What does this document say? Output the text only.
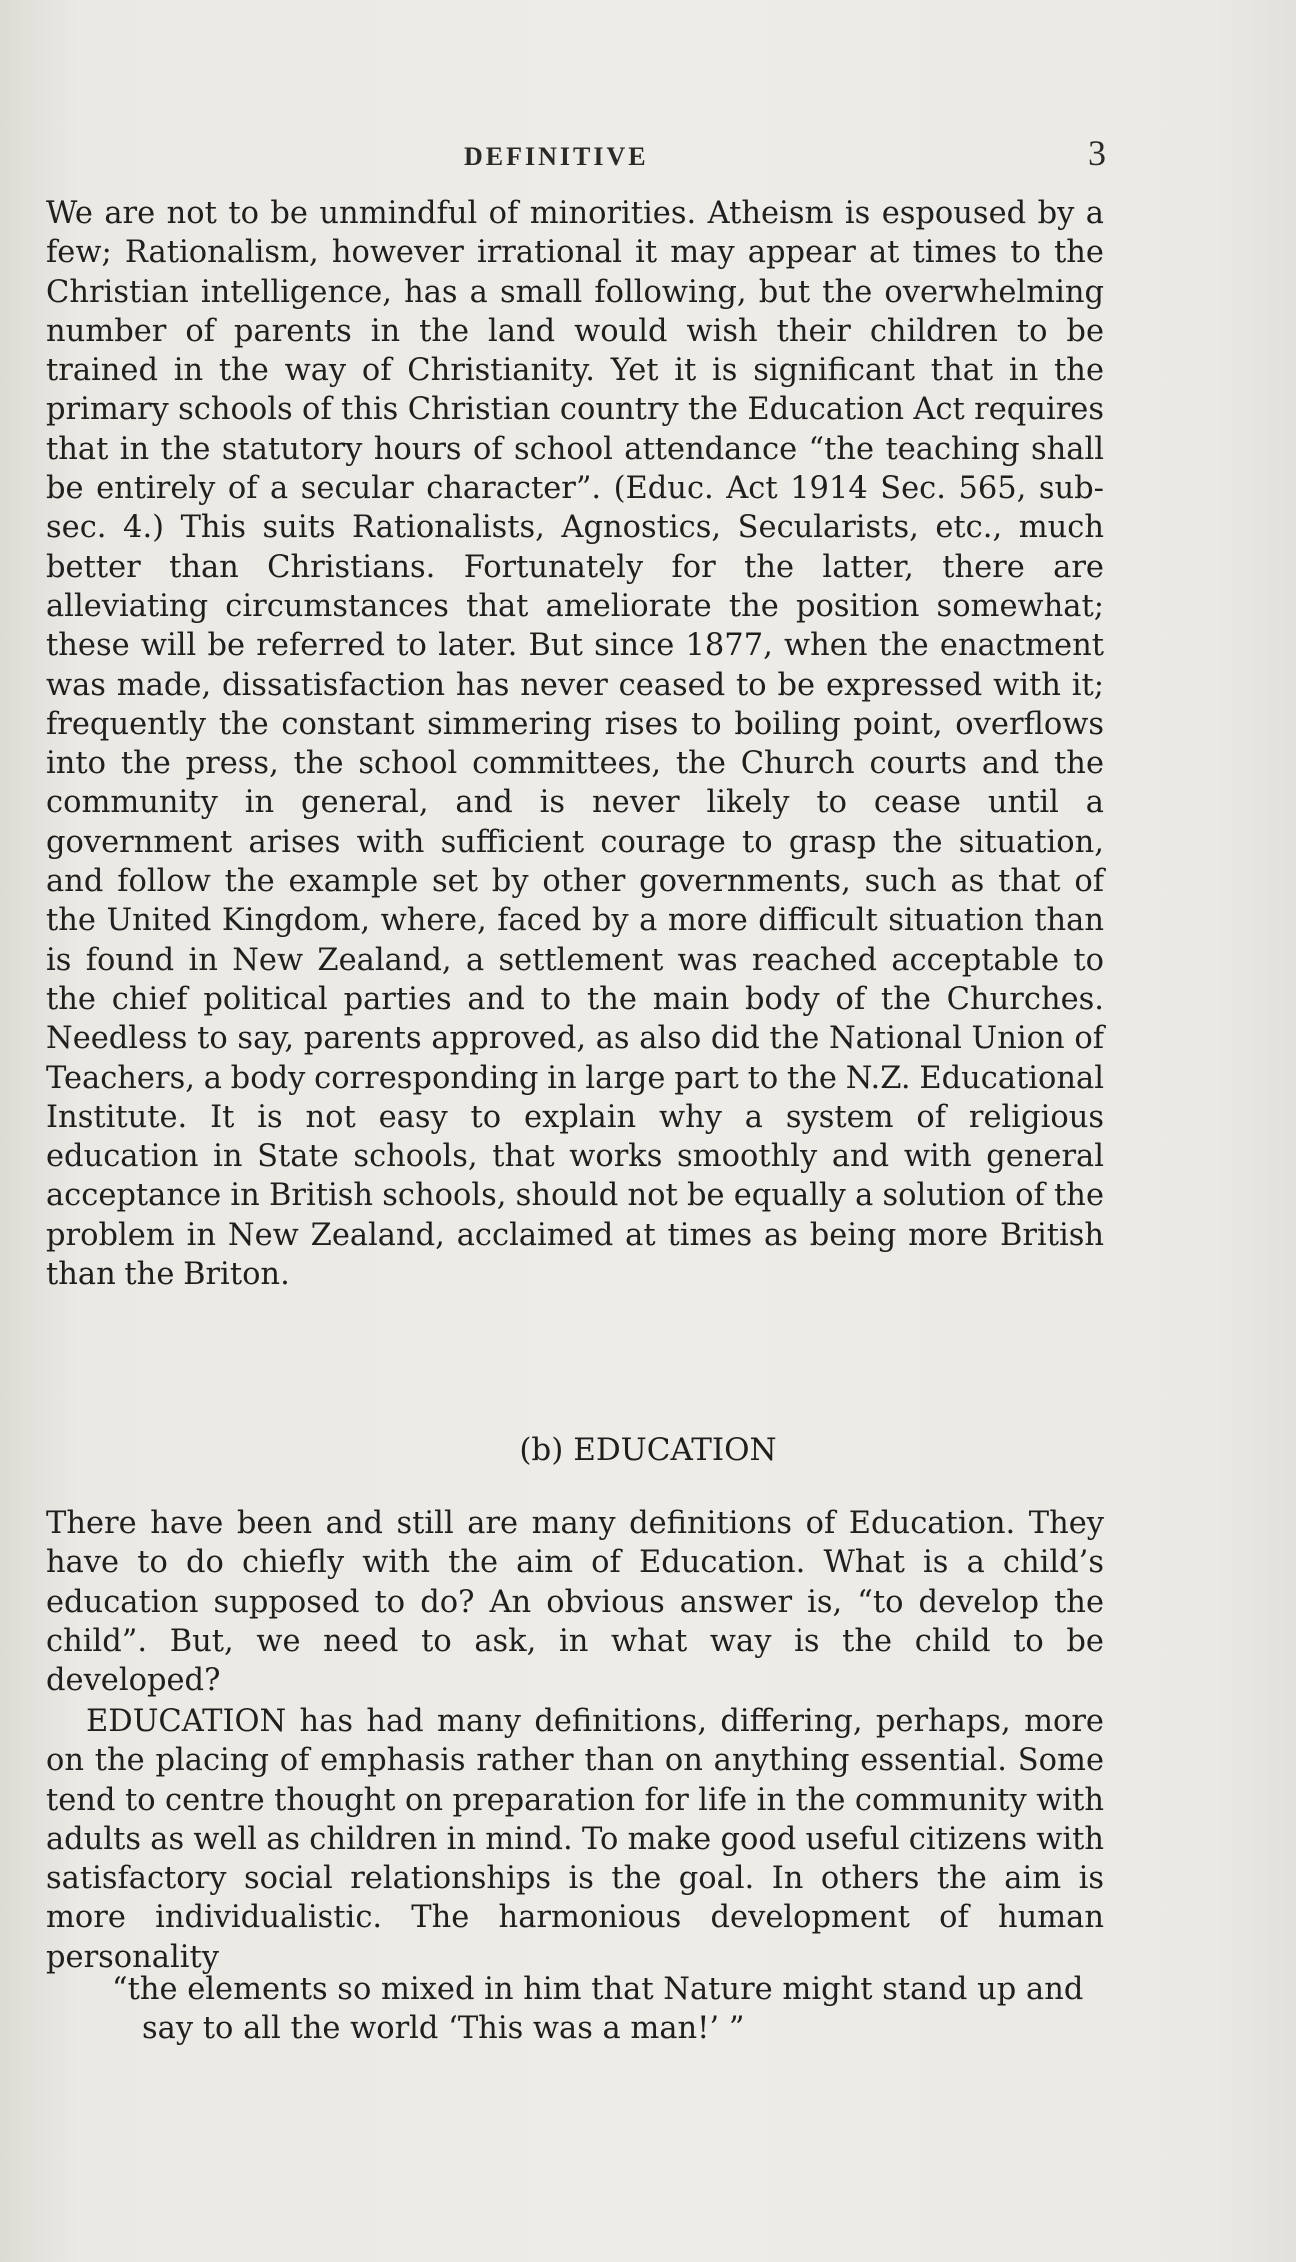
DEFINITIVE	3

We are not to be unmindful of minorities. Atheism is espoused by a few; Rationalism, however irrational it may appear at times to the Christian intelligence, has a small following, but the overwhelming number of parents in the land would wish their children to be trained in the way of Christianity. Yet it is significant that in the primary schools of this Christian country the Education Act requires that in the statutory hours of school attendance “the teaching shall be entirely of a secular character”. (Educ. Act 1914 Sec. 565, sub-sec. 4.) This suits Rationalists, Agnostics, Secularists, etc., much better than Christians. Fortunately for the latter, there are alleviating circumstances that ameliorate the position somewhat; these will be referred to later. But since 1877, when the enactment was made, dissatisfaction has never ceased to be expressed with it; frequently the constant simmering rises to boiling point, overflows into the press, the school committees, the Church courts and the community in general, and is never likely to cease until a government arises with sufficient courage to grasp the situation, and follow the example set by other governments, such as that of the United Kingdom, where, faced by a more difficult situation than is found in New Zealand, a settlement was reached acceptable to the chief political parties and to the main body of the Churches. Needless to say, parents approved, as also did the National Union of Teachers, a body corresponding in large part to the N.Z. Educational Institute. It is not easy to explain why a system of religious education in State schools, that works smoothly and with general acceptance in British schools, should not be equally a solution of the problem in New Zealand, acclaimed at times as being more British than the Briton.

(b) EDUCATION

There have been and still are many definitions of Education. They have to do chiefly with the aim of Education. What is a child’s education supposed to do? An obvious answer is, “to develop the child”. But, we need to ask, in what way is the child to be developed?

EDUCATION has had many definitions, differing, perhaps, more on the placing of emphasis rather than on anything essential. Some tend to centre thought on preparation for life in the community with adults as well as children in mind. To make good useful citizens with satisfactory social relationships is the goal. In others the aim is more individualistic. The harmonious development of human personality

“the elements so mixed in him that Nature might stand up and say to all the world ‘This was a man!’ ”
